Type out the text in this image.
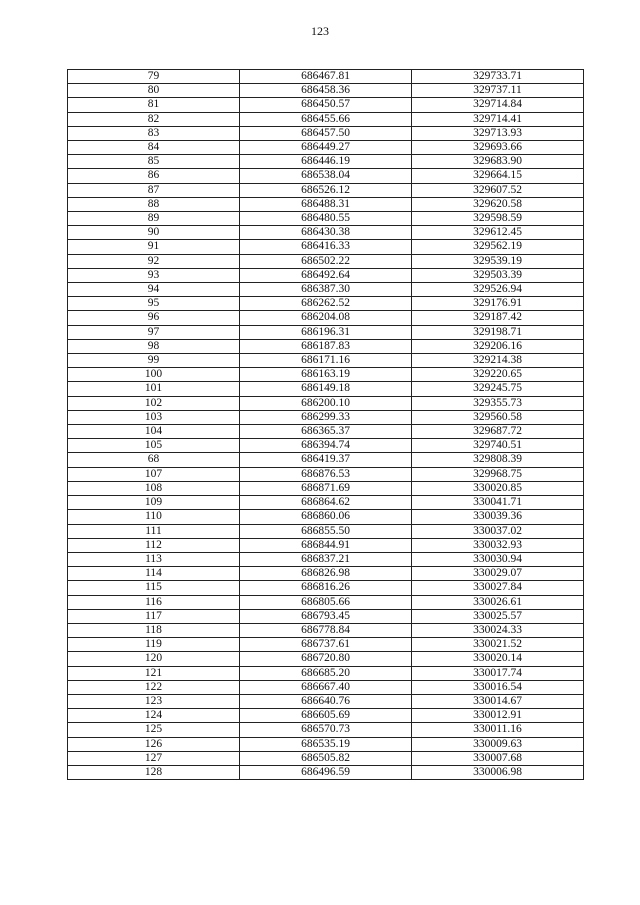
123
79	686467.81	329733.71
80	686458.36	329737.11
81	686450.57	329714.84
82	686455.66	329714.41
83	686457.50	329713.93
84	686449.27	329693.66
85	686446.19	329683.90
86	686538.04	329664.15
87	686526.12	329607.52
88	686488.31	329620.58
89	686480.55	329598.59
90	686430.38	329612.45
91	686416.33	329562.19
92	686502.22	329539.19
93	686492.64	329503.39
94	686387.30	329526.94
95	686262.52	329176.91
96	686204.08	329187.42
97	686196.31	329198.71
98	686187.83	329206.16
99	686171.16	329214.38
100	686163.19	329220.65
101	686149.18	329245.75
102	686200.10	329355.73
103	686299.33	329560.58
104	686365.37	329687.72
105	686394.74	329740.51
68	686419.37	329808.39
107	686876.53	329968.75
108	686871.69	330020.85
109	686864.62	330041.71
110	686860.06	330039.36
111	686855.50	330037.02
112	686844.91	330032.93
113	686837.21	330030.94
114	686826.98	330029.07
115	686816.26	330027.84
116	686805.66	330026.61
117	686793.45	330025.57
118	686778.84	330024.33
119	686737.61	330021.52
120	686720.80	330020.14
121	686685.20	330017.74
122	686667.40	330016.54
123	686640.76	330014.67
124	686605.69	330012.91
125	686570.73	330011.16
126	686535.19	330009.63
127	686505.82	330007.68
128	686496.59	330006.98
